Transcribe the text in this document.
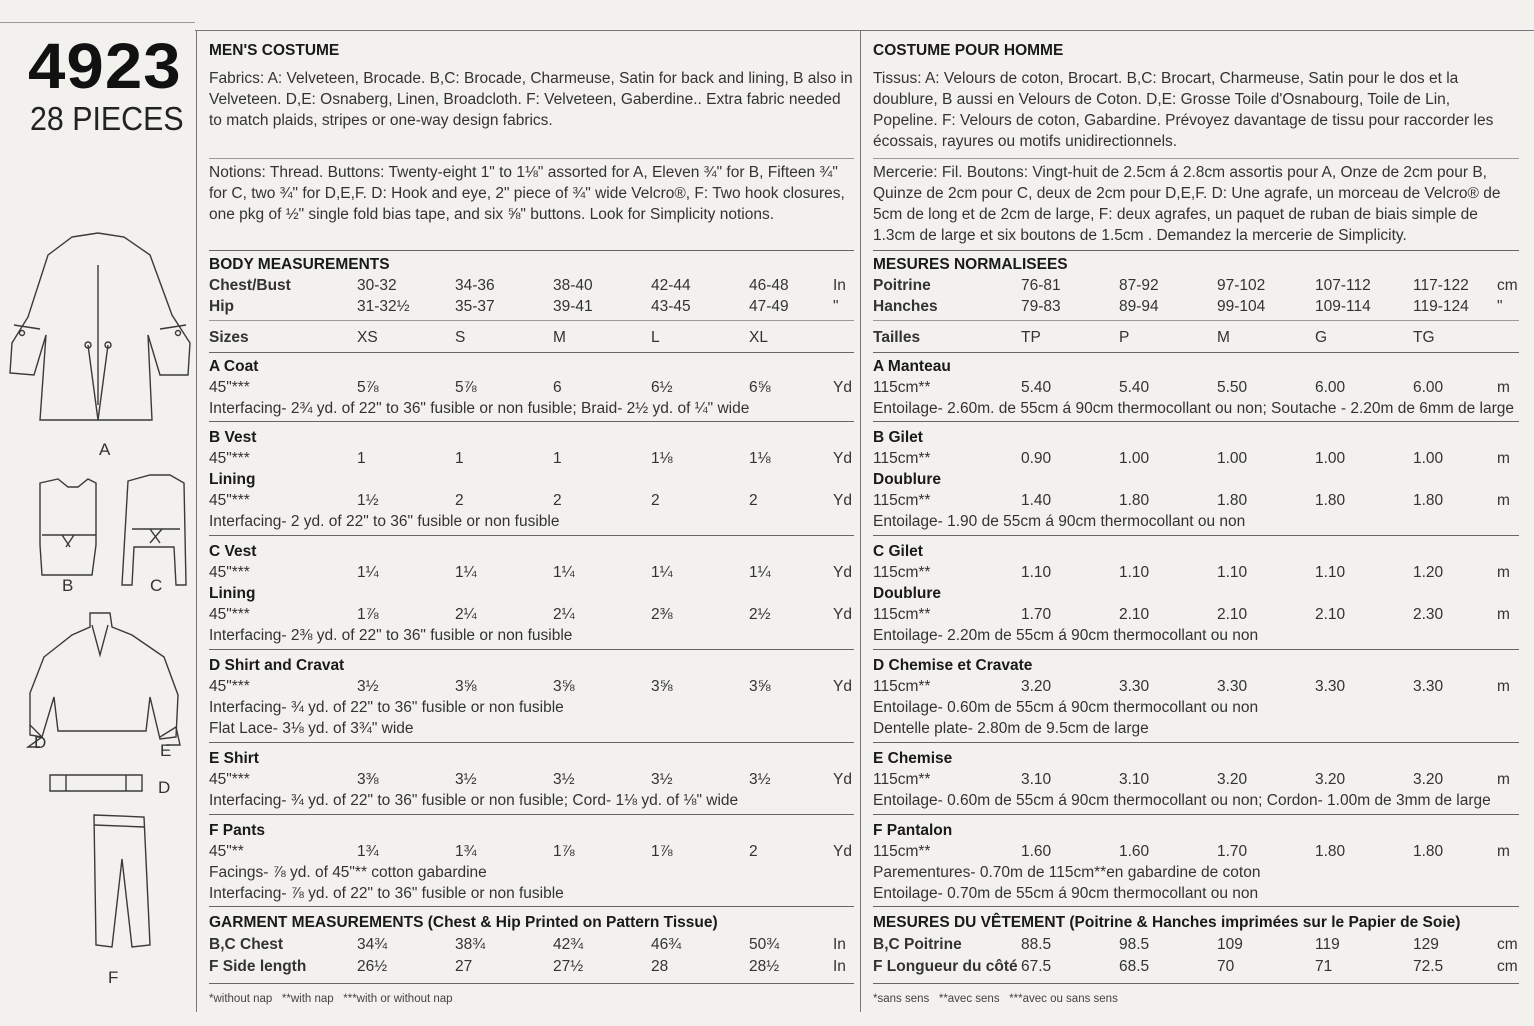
4923
28 PIECES
A
B	C
D	E
D
F
MEN'S COSTUME
Fabrics: A: Velveteen, Brocade. B,C: Brocade, Charmeuse, Satin for back and lining, B also in Velveteen. D,E: Osnaberg, Linen, Broadcloth. F: Velveteen, Gaberdine.. Extra fabric needed to match plaids, stripes or one-way design fabrics.
Notions: Thread. Buttons: Twenty-eight 1" to 1⅛" assorted for A, Eleven ¾" for B, Fifteen ¾" for C, two ¾" for D,E,F. D: Hook and eye, 2" piece of ¾" wide Velcro®, F: Two hook closures, one pkg of ½" single fold bias tape, and six ⅝" buttons. Look for Simplicity notions.
BODY MEASUREMENTS
Chest/Bust	30-32	34-36	38-40	42-44	46-48	In
Hip	31-32½	35-37	39-41	43-45	47-49	"
Sizes	XS	S	M	L	XL
A Coat
45"***	5⅞	5⅞	6	6½	6⅝	Yd
Interfacing- 2¾ yd. of 22" to 36" fusible or non fusible; Braid- 2½ yd. of ¼" wide
B Vest
45"***	1	1	1	1⅛	1⅛	Yd
Lining
45"***	1½	2	2	2	2	Yd
Interfacing- 2 yd. of 22" to 36" fusible or non fusible
C Vest
45"***	1¼	1¼	1¼	1¼	1¼	Yd
Lining
45"***	1⅞	2¼	2¼	2⅜	2½	Yd
Interfacing- 2⅜ yd. of 22" to 36" fusible or non fusible
D Shirt and Cravat
45"***	3½	3⅝	3⅝	3⅝	3⅝	Yd
Interfacing- ¾ yd. of 22" to 36" fusible or non fusible
Flat Lace- 3⅛ yd. of 3¾" wide
E Shirt
45"***	3⅜	3½	3½	3½	3½	Yd
Interfacing- ¾ yd. of 22" to 36" fusible or non fusible; Cord- 1⅛ yd. of ⅛" wide
F Pants
45"**	1¾	1¾	1⅞	1⅞	2	Yd
Facings- ⅞ yd. of 45"** cotton gabardine
Interfacing- ⅞ yd. of 22" to 36" fusible or non fusible
GARMENT MEASUREMENTS (Chest & Hip Printed on Pattern Tissue)
B,C Chest	34¾	38¾	42¾	46¾	50¾	In
F Side length	26½	27	27½	28	28½	In
*without nap   **with nap   ***with or without nap
COSTUME POUR HOMME
Tissus: A: Velours de coton, Brocart. B,C: Brocart, Charmeuse, Satin pour le dos et la doublure, B aussi en Velours de Coton. D,E: Grosse Toile d'Osnabourg, Toile de Lin, Popeline. F: Velours de coton, Gabardine. Prévoyez davantage de tissu pour raccorder les écossais, rayures ou motifs unidirectionnels.
Mercerie: Fil. Boutons: Vingt-huit de 2.5cm á 2.8cm assortis pour A, Onze de 2cm pour B, Quinze de 2cm pour C, deux de 2cm pour D,E,F. D: Une agrafe, un morceau de Velcro® de 5cm de long et de 2cm de large, F: deux agrafes, un paquet de ruban de biais simple de 1.3cm de large et six boutons de 1.5cm . Demandez la mercerie de Simplicity.
MESURES NORMALISEES
Poitrine	76-81	87-92	97-102	107-112	117-122 cm
Hanches	79-83	89-94	99-104	109-114	119-124 "
Tailles	TP	P	M	G	TG
A Manteau
115cm**	5.40	5.40	5.50	6.00	6.00	m
Entoilage- 2.60m. de 55cm á 90cm thermocollant ou non; Soutache - 2.20m de 6mm de large
B Gilet
115cm**	0.90	1.00	1.00	1.00	1.00	m
Doublure
115cm**	1.40	1.80	1.80	1.80	1.80	m
Entoilage- 1.90 de 55cm á 90cm thermocollant ou non
C Gilet
115cm**	1.10	1.10	1.10	1.10	1.20	m
Doublure
115cm**	1.70	2.10	2.10	2.10	2.30	m
Entoilage- 2.20m de 55cm á 90cm thermocollant ou non
D Chemise et Cravate
115cm**	3.20	3.30	3.30	3.30	3.30	m
Entoilage- 0.60m de 55cm á 90cm thermocollant ou non
Dentelle plate- 2.80m de 9.5cm de large
E Chemise
115cm**	3.10	3.10	3.20	3.20	3.20	m
Entoilage- 0.60m de 55cm á 90cm thermocollant ou non; Cordon- 1.00m de 3mm de large
F Pantalon
115cm**	1.60	1.60	1.70	1.80	1.80	m
Parementures- 0.70m de 115cm**en gabardine de coton
Entoilage- 0.70m de 55cm á 90cm thermocollant ou non
MESURES DU VÊTEMENT (Poitrine & Hanches imprimées sur le Papier de Soie)
B,C Poitrine	88.5	98.5	109	119	129	cm
F Longueur du côté 67.5	68.5	70	71	72.5	cm
*sans sens   **avec sens   ***avec ou sans sens
